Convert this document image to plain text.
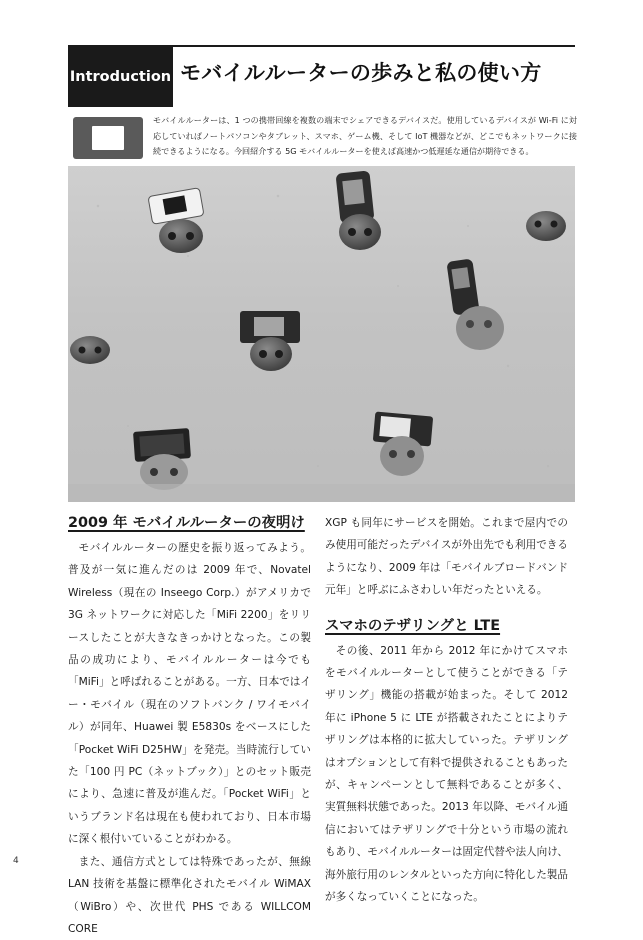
Introduction モバイルルーターの歩みと私の使い方
モバイルルーターは、1 つの携帯回線を複数の端末でシェアできるデバイスだ。使用しているデバイスが Wi-Fi に対応していればノートパソコンやタブレット、スマホ、ゲーム機、そして IoT 機器などが、どこでもネットワークに接続できるようになる。今回紹介する 5G モバイルルーターを使えば高速かつ低遅延な通信が期待できる。
2009 年 モバイルルーターの夜明け

モバイルルーターの歴史を振り返ってみよう。普及が一気に進んだのは 2009 年で、Novatel Wireless（現在の Inseego Corp.）がアメリカで 3G ネットワークに対応した「MiFi 2200」をリリースしたことが大きなきっかけとなった。この製品の成功により、モバイルルーターは今でも「MiFi」と呼ばれることがある。一方、日本ではイー・モバイル（現在のソフトバンク / ワイモバイル）が同年、Huawei 製 E5830s をベースにした「Pocket WiFi D25HW」を発売。当時流行していた「100 円 PC（ネットブック）」とのセット販売により、急速に普及が進んだ。「Pocket WiFi」というブランド名は現在も使われており、日本市場に深く根付いていることがわかる。

また、通信方式としては特殊であったが、無線 LAN 技術を基盤に標準化されたモバイル WiMAX（WiBro）や、次世代 PHS である WILLCOM CORE

XGP も同年にサービスを開始。これまで屋内でのみ使用可能だったデバイスが外出先でも利用できるようになり、2009 年は「モバイルブロードバンド元年」と呼ぶにふさわしい年だったといえる。

スマホのテザリングと LTE

その後、2011 年から 2012 年にかけてスマホをモバイルルーターとして使うことができる「テザリング」機能の搭載が始まった。そして 2012 年に iPhone 5 に LTE が搭載されたことによりテザリングは本格的に拡大していった。テザリングはオプションとして有料で提供されることもあったが、キャンペーンとして無料であることが多く、実質無料状態であった。2013 年以降、モバイル通信においてはテザリングで十分という市場の流れもあり、モバイルルーターは固定代替や法人向け、海外旅行用のレンタルといった方向に特化した製品が多くなっていくことになった。

4
